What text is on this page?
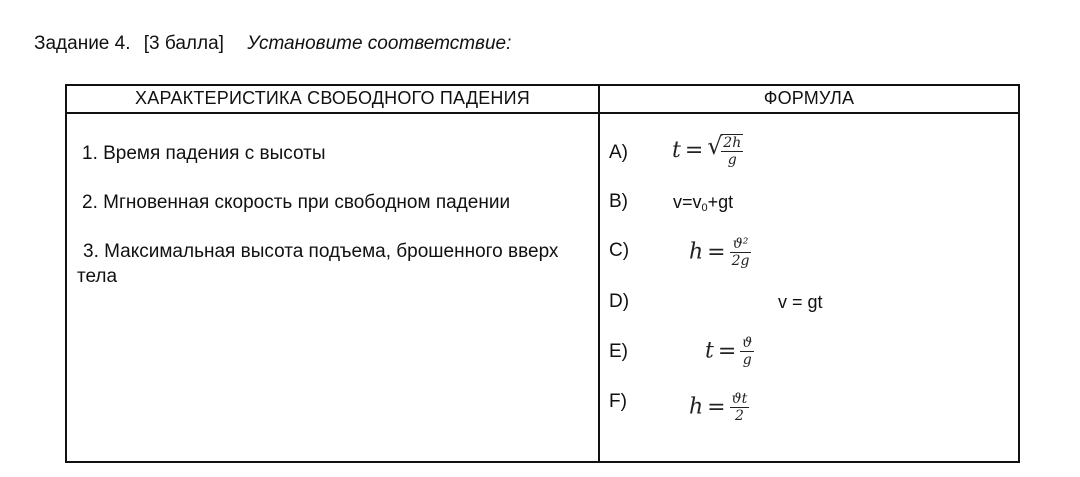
Задание 4. [3 балла] Установите соответствие:
ХАРАКТЕРИСТИКА СВОБОДНОГО ПАДЕНИЯ	ФОРМУЛА
1. Время падения с высоты
2. Мгновенная скорость при свободном падении
3. Максимальная высота подъема, брошенного вверх тела
A) t = √
$\frac{2h}{g}$
B)	$v=v_0+gt$
C)	$h = \frac{\text{ϑ²}}{2g}$
D)	v = gt
E)	$t = \frac{ϑ}{g}$
F)	$h = \frac{ϑt}{2}$
